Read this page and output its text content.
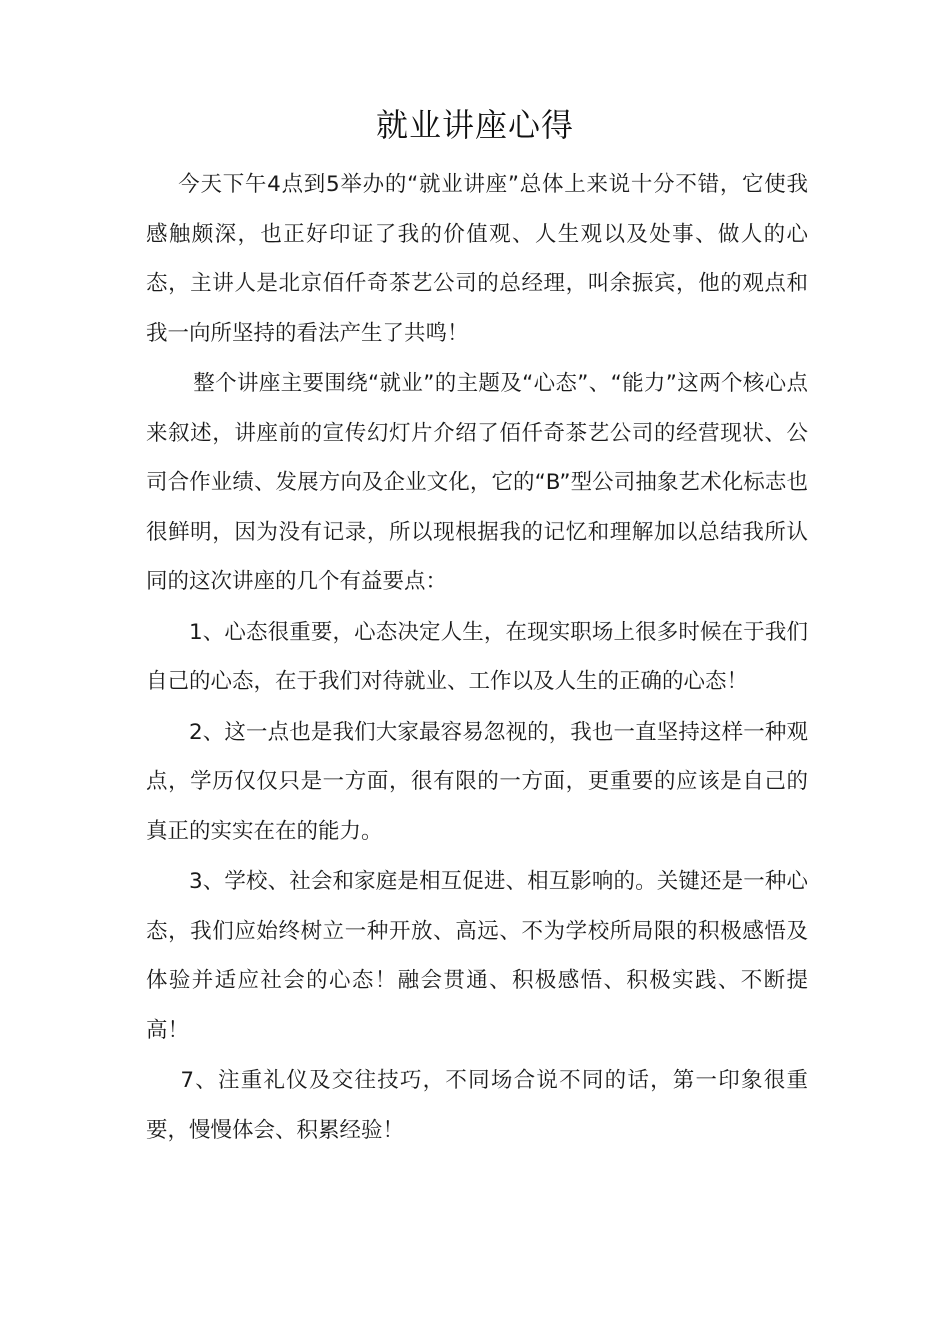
就业讲座心得

今天下午4点到5举办的“就业讲座”总体上来说十分不错，它使我感触颇深，也正好印证了我的价值观、人生观以及处事、做人的心态，主讲人是北京佰仟奇茶艺公司的总经理，叫余振宾，他的观点和我一向所坚持的看法产生了共鸣！

整个讲座主要围绕“就业”的主题及“心态”、“能力”这两个核心点来叙述，讲座前的宣传幻灯片介绍了佰仟奇茶艺公司的经营现状、公司合作业绩、发展方向及企业文化，它的“B”型公司抽象艺术化标志也很鲜明，因为没有记录，所以现根据我的记忆和理解加以总结我所认同的这次讲座的几个有益要点：

1、心态很重要，心态决定人生，在现实职场上很多时候在于我们自己的心态，在于我们对待就业、工作以及人生的正确的心态！

2、这一点也是我们大家最容易忽视的，我也一直坚持这样一种观点，学历仅仅只是一方面，很有限的一方面，更重要的应该是自己的真正的实实在在的能力。

3、学校、社会和家庭是相互促进、相互影响的。关键还是一种心态，我们应始终树立一种开放、高远、不为学校所局限的积极感悟及体验并适应社会的心态！融会贯通、积极感悟、积极实践、不断提高！

7、注重礼仪及交往技巧，不同场合说不同的话，第一印象很重要，慢慢体会、积累经验！
